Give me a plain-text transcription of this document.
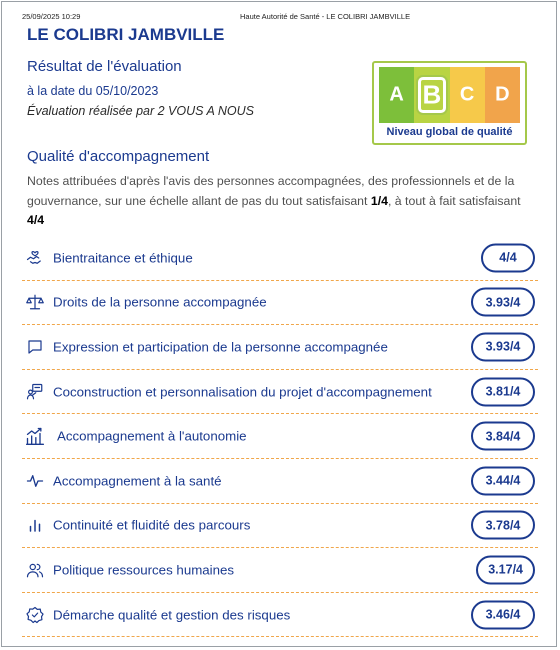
25/09/2025 10:29	Haute Autorité de Santé - LE COLIBRI JAMBVILLE
LE COLIBRI JAMBVILLE
Résultat de l'évaluation
à la date du 05/10/2023
Évaluation réalisée par 2 VOUS A NOUS
A B C	D
Niveau global de qualité
Qualité d'accompagnement
Notes attribuées d'après l'avis des personnes accompagnées, des professionnels et de la gouvernance, sur une échelle allant de pas du tout satisfaisant 1/4, à tout à fait satisfaisant 4/4
Bientraitance et éthique	4/4
Droits de la personne accompagnée	3.93/4
Expression et participation de la personne accompagnée	3.93/4
Coconstruction et personnalisation du projet d'accompagnement	3.81/4
Accompagnement à l'autonomie	3.84/4
Accompagnement à la santé	3.44/4
Continuité et fluidité des parcours	3.78/4
Politique ressources humaines	3.17/4
Démarche qualité et gestion des risques	3.46/4
